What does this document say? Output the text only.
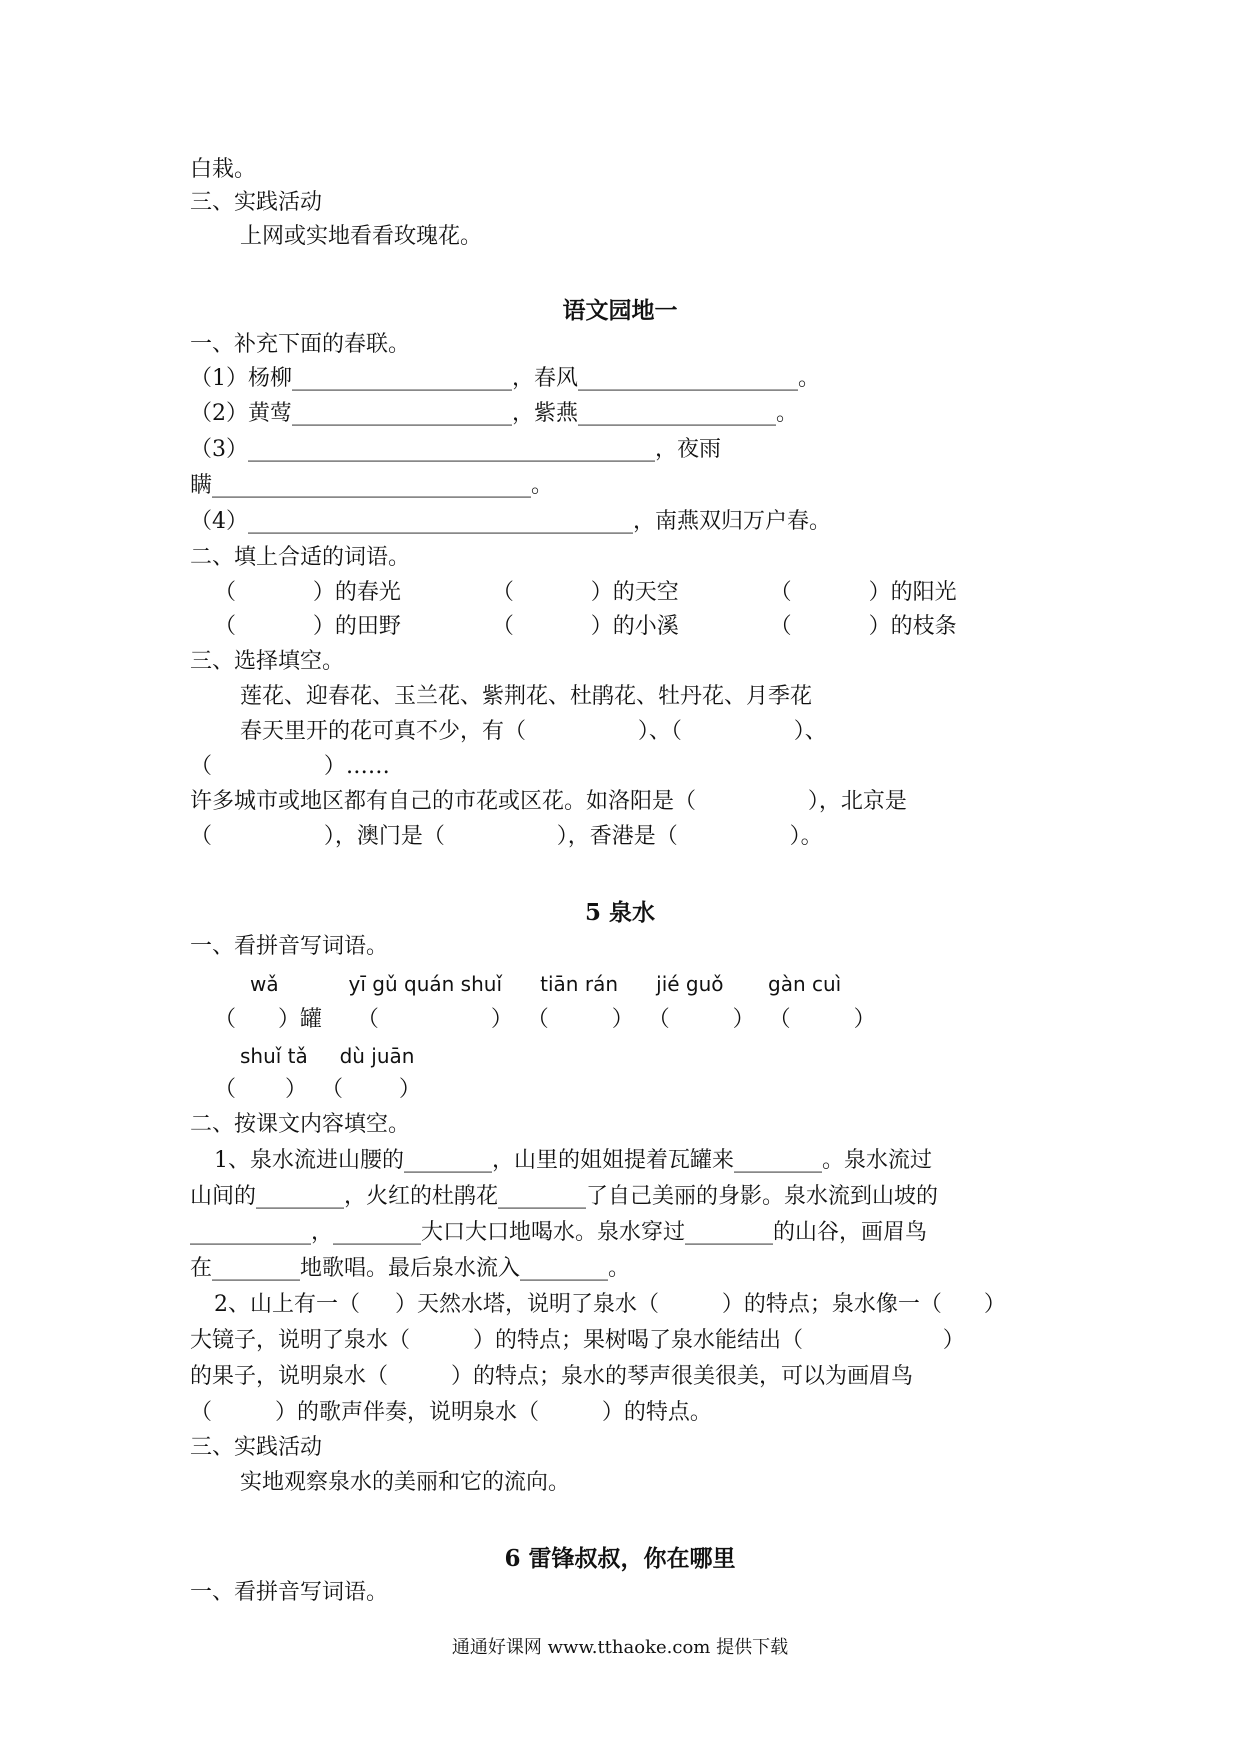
白栽。
三、实践活动
上网或实地看看玫瑰花。
语文园地一
一、补充下面的春联。
（1）杨柳____________________，春风____________________。
（2）黄莺____________________，紫燕__________________。
（3）_____________________________________，夜雨
瞒_____________________________。
（4）___________________________________，南燕双归万户春。
二、填上合适的词语。
（           ）的春光             （           ）的天空             （           ）的阳光
（           ）的田野             （           ）的小溪             （           ）的枝条
三、选择填空。
莲花、迎春花、玉兰花、紫荆花、杜鹃花、牡丹花、月季花
春天里开的花可真不少，有（                ）、（                ）、
（                ）……
许多城市或地区都有自己的市花或区花。如洛阳是（                ），北京是
（                ），澳门是（                ），香港是（                ）。
5 泉水
一、看拼音写词语。
wǎ           yī gǔ quán shuǐ      tiān rán      jié guǒ       gàn cuì
（      ）罐     （                ）  （         ）  （         ）  （         ）
shuǐ tǎ     dù juān
（       ）  （        ）
二、按课文内容填空。
1、泉水流进山腰的________，山里的姐姐提着瓦罐来________。泉水流过
山间的________，火红的杜鹃花________了自己美丽的身影。泉水流到山坡的
___________，________大口大口地喝水。泉水穿过________的山谷，画眉鸟
在________地歌唱。最后泉水流入________。
2、山上有一（     ）天然水塔，说明了泉水（         ）的特点；泉水像一（      ）
大镜子，说明了泉水（         ）的特点；果树喝了泉水能结出（                    ）
的果子，说明泉水（         ）的特点；泉水的琴声很美很美，可以为画眉鸟
（         ）的歌声伴奏，说明泉水（         ）的特点。
三、实践活动
实地观察泉水的美丽和它的流向。
6 雷锋叔叔，你在哪里
一、看拼音写词语。
通通好课网 www.tthaoke.com 提供下载
